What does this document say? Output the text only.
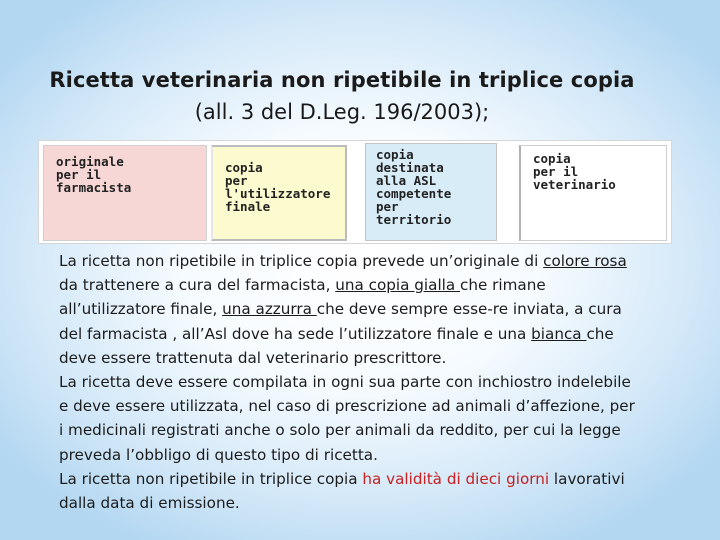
Ricetta veterinaria non ripetibile in triplice copia
(all. 3 del D.Leg. 196/2003);
originale
per il
farmacista
copia
per
l'utilizzatore
finale
copia
destinata
alla ASL
competente
per
territorio
copia
per il
veterinario
La ricetta non ripetibile in triplice copia prevede un’originale di colore rosa da trattenere a cura del farmacista, una copia gialla che rimane all’utilizzatore finale, una azzurra che deve sempre esse-re inviata, a cura del farmacista , all’Asl dove ha sede l’utilizzatore finale e una bianca che deve essere trattenuta dal veterinario prescrittore.
La ricetta deve essere compilata in ogni sua parte con inchiostro indelebile e deve essere utilizzata, nel caso di prescrizione ad animali d’affezione, per i medicinali registrati anche o solo per animali da reddito, per cui la legge preveda l’obbligo di questo tipo di ricetta.
La ricetta non ripetibile in triplice copia ha validità di dieci giorni lavorativi dalla data di emissione.
